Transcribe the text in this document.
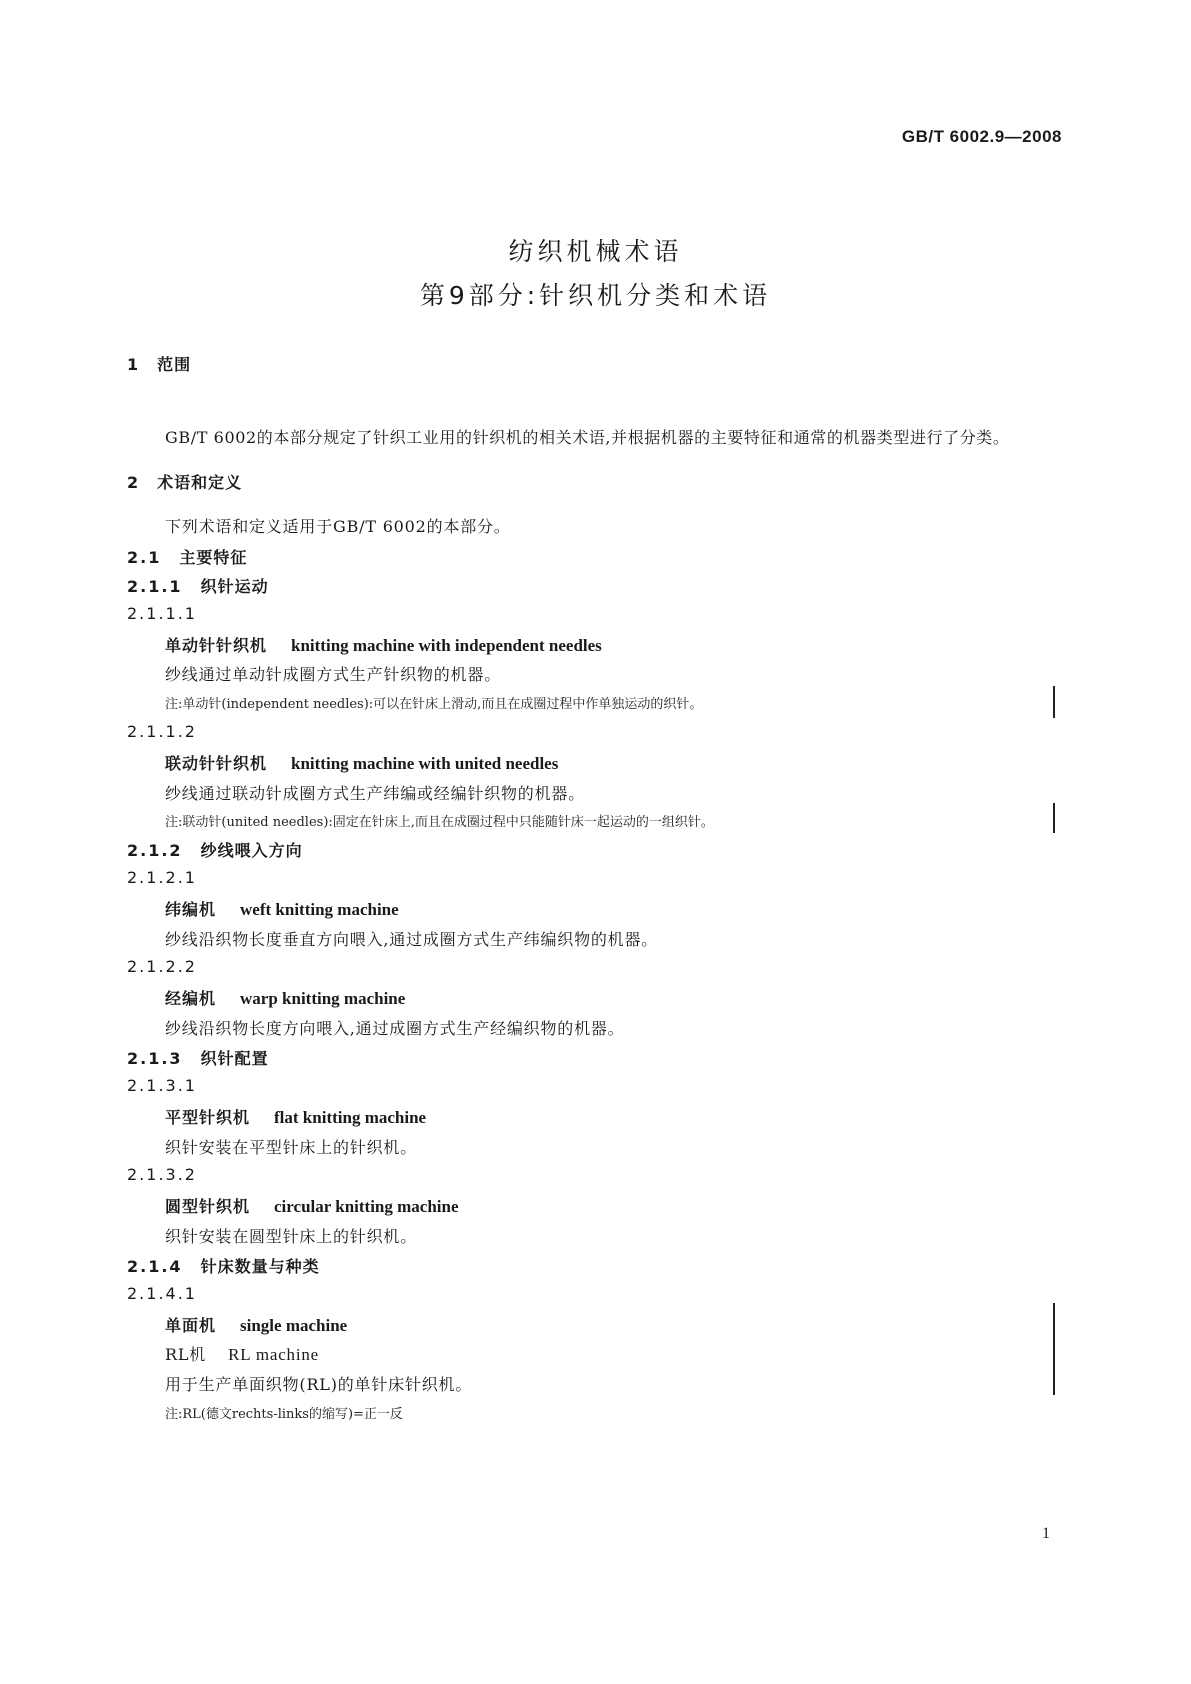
GB/T 6002.9—2008
纺织机械术语
第9部分:针织机分类和术语
1 范围
GB/T 6002的本部分规定了针织工业用的针织机的相关术语,并根据机器的主要特征和通常的机器类型进行了分类。
2 术语和定义
下列术语和定义适用于GB/T 6002的本部分。
2.1 主要特征
2.1.1 织针运动
2.1.1.1
单动针针织机 knitting machine with independent needles
纱线通过单动针成圈方式生产针织物的机器。
注:单动针(independent needles):可以在针床上滑动,而且在成圈过程中作单独运动的织针。
2.1.1.2
联动针针织机 knitting machine with united needles
纱线通过联动针成圈方式生产纬编或经编针织物的机器。
注:联动针(united needles):固定在针床上,而且在成圈过程中只能随针床一起运动的一组织针。
2.1.2 纱线喂入方向
2.1.2.1
纬编机 weft knitting machine
纱线沿织物长度垂直方向喂入,通过成圈方式生产纬编织物的机器。
2.1.2.2
经编机 warp knitting machine
纱线沿织物长度方向喂入,通过成圈方式生产经编织物的机器。
2.1.3 织针配置
2.1.3.1
平型针织机 flat knitting machine
织针安装在平型针床上的针织机。
2.1.3.2
圆型针织机 circular knitting machine
织针安装在圆型针床上的针织机。
2.1.4 针床数量与种类
2.1.4.1
单面机 single machine
RL机 RL machine
用于生产单面织物(RL)的单针床针织机。
注:RL(德文rechts-links的缩写)=正一反
1
